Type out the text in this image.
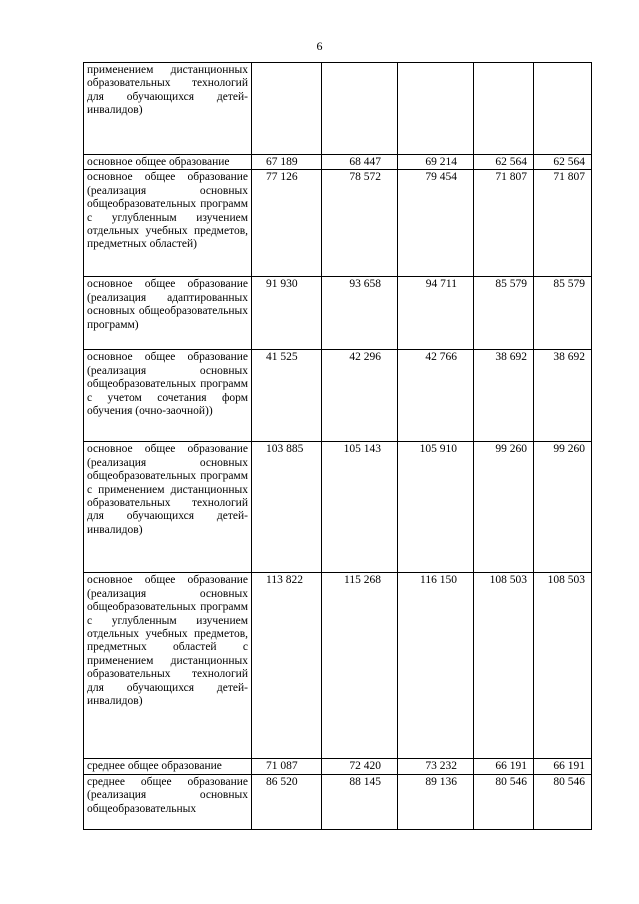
6
применением дистанционных образовательных технологий для обучающихся детей-инвалидов)					
основное общее образование	67 189	68 447	69 214	62 564	62 564
основное общее образование (реализация основных общеобразовательных программ с углубленным изучением отдельных учебных предметов, предметных областей)	77 126	78 572	79 454	71 807	71 807
основное общее образование (реализация адаптированных основных общеобразовательных программ)	91 930	93 658	94 711	85 579	85 579
основное общее образование (реализация основных общеобразовательных программ с учетом сочетания форм обучения (очно-заочной))	41 525	42 296	42 766	38 692	38 692
основное общее образование (реализация основных общеобразовательных программ с применением дистанционных образовательных технологий для обучающихся детей-инвалидов)	103 885	105 143	105 910	99 260	99 260
основное общее образование (реализация основных общеобразовательных программ с углубленным изучением отдельных учебных предметов, предметных областей с применением дистанционных образовательных технологий для обучающихся детей-инвалидов)	113 822	115 268	116 150	108 503	108 503
среднее общее образование	71 087	72 420	73 232	66 191	66 191
среднее общее образование (реализация основных общеобразовательных	86 520	88 145	89 136	80 546	80 546
